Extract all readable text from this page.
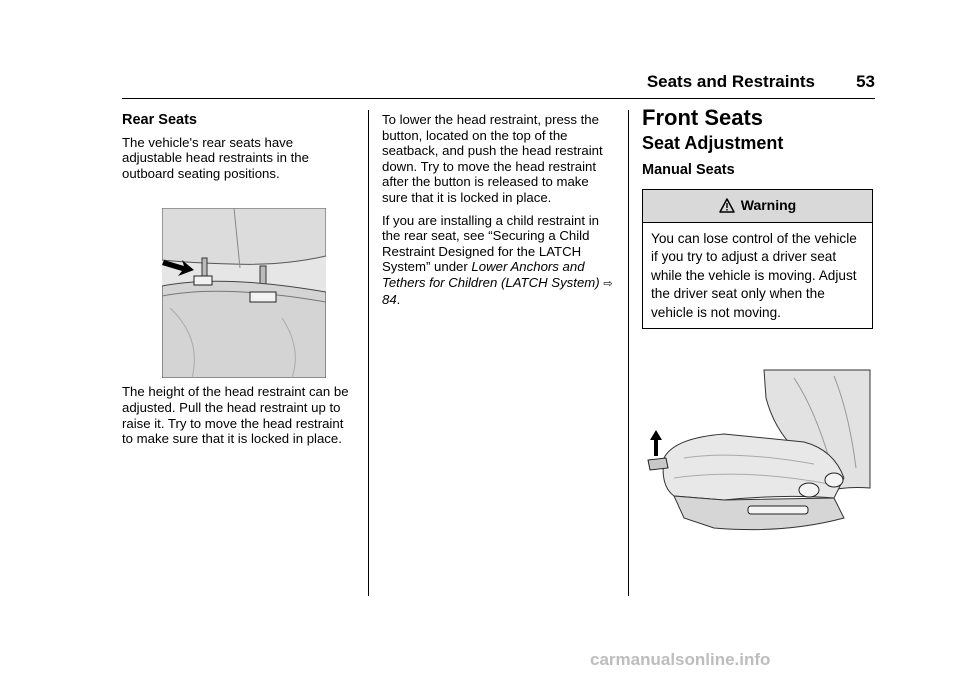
Seats and Restraints 53
Rear Seats

The vehicle's rear seats have adjustable head restraints in the outboard seating positions.

The height of the head restraint can be adjusted. Pull the head restraint up to raise it. Try to move the head restraint to make sure that it is locked in place.

To lower the head restraint, press the button, located on the top of the seatback, and push the head restraint down. Try to move the head restraint after the button is released to make sure that it is locked in place.

If you are installing a child restraint in the rear seat, see “Securing a Child Restraint Designed for the LATCH System” under Lower Anchors and Tethers for Children (LATCH System) ⇨ 84.

Front Seats
Seat Adjustment
Manual Seats
Warning
You can lose control of the vehicle if you try to adjust a driver seat while the vehicle is moving. Adjust the driver seat only when the vehicle is not moving.
carmanualsonline.info
